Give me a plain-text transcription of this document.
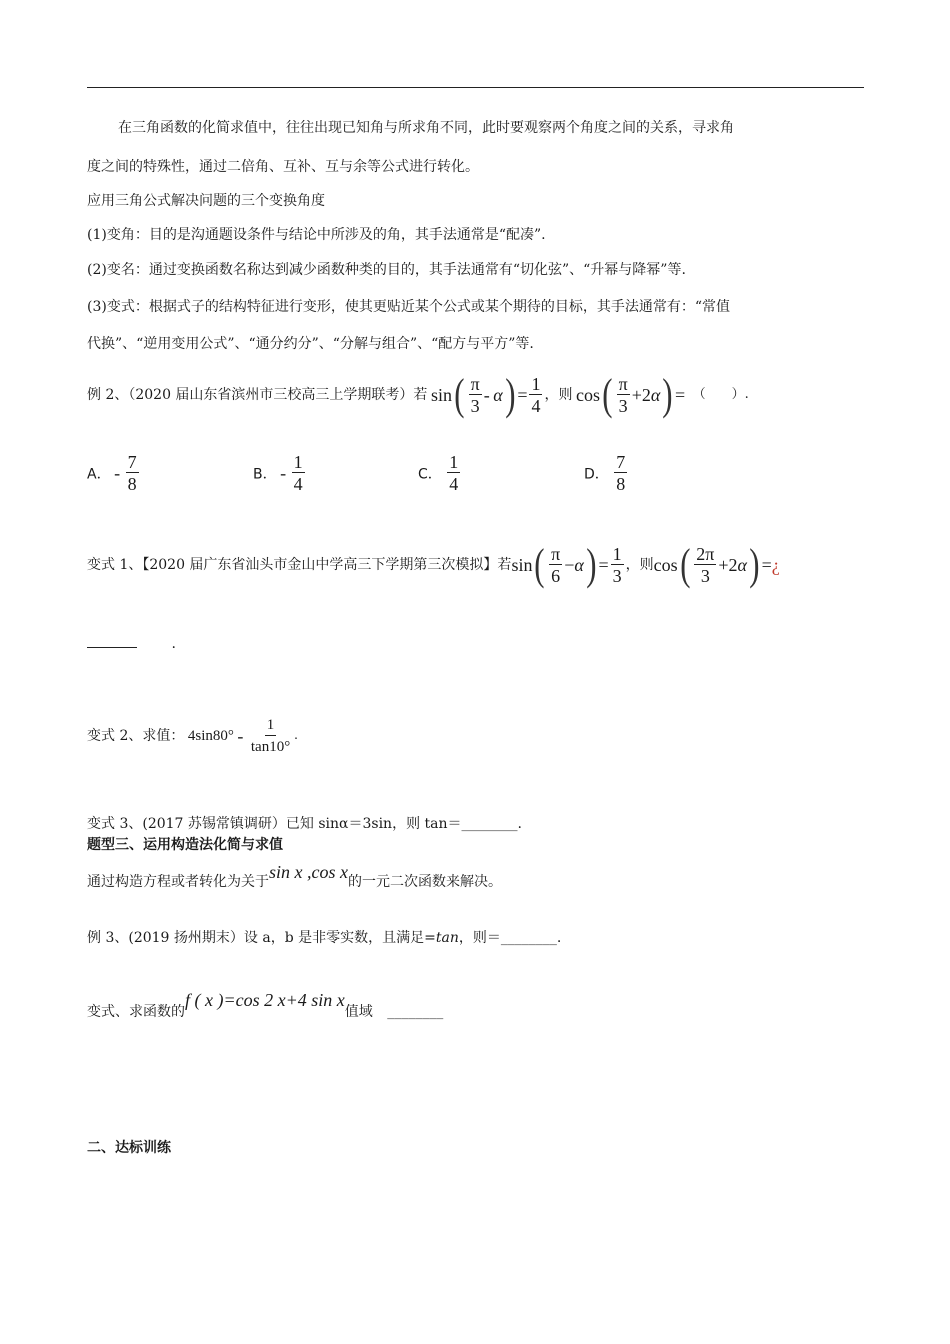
在三角函数的化简求值中，往往出现已知角与所求角不同，此时要观察两个角度之间的关系，寻求角
度之间的特殊性，通过二倍角、互补、互与余等公式进行转化。
应用三角公式解决问题的三个变换角度
(1)变角：目的是沟通题设条件与结论中所涉及的角，其手法通常是“配凑”.
(2)变名：通过变换函数名称达到减少函数种类的目的，其手法通常有“切化弦”、“升幂与降幂”等.
(3)变式：根据式子的结构特征进行变形，使其更贴近某个公式或某个期待的目标，其手法通常有：“常值
代换”、“逆用变用公式”、“通分约分”、“分解与组合”、“配方与平方”等.
例 2、（2020 届山东省滨州市三校高三上学期联考）若 $\sin( \frac{\pi}{3} - \alpha) = \frac{1}{4}$ ，则 $\cos( \frac{\pi}{3} +2\alpha)$ = （　　）.
A． - $\frac{7}{8}$	B． - $\frac{1}{4}$	C． $\frac{1}{4}$	D． $\frac{7}{8}$
变式 1、【2020 届广东省汕头市金山中学高三下学期第三次模拟】若$\sin( \frac{\pi}{6} -\alpha) = \frac{1}{3}$ ，则$\cos( \frac{2\pi}{3} +2\alpha)$ =¿
.
变式 2、求值： $4\sin 80^\circ - \frac{1}{\tan 10^\circ}$ .
变式 3、(2017 苏锡常镇调研）已知 sinα＝3sin，则 tan＝________.
题型三、运用构造法化简与求值
通过构造方程或者转化为关于sin x ,cos x的一元二次函数来解决。
例 3、(2019 扬州期末）设 a，b 是非零实数，且满足=tan，则＝________.
变式、求函数的f ( x )=cos 2 x+4 sin x值域 ________
二、达标训练
